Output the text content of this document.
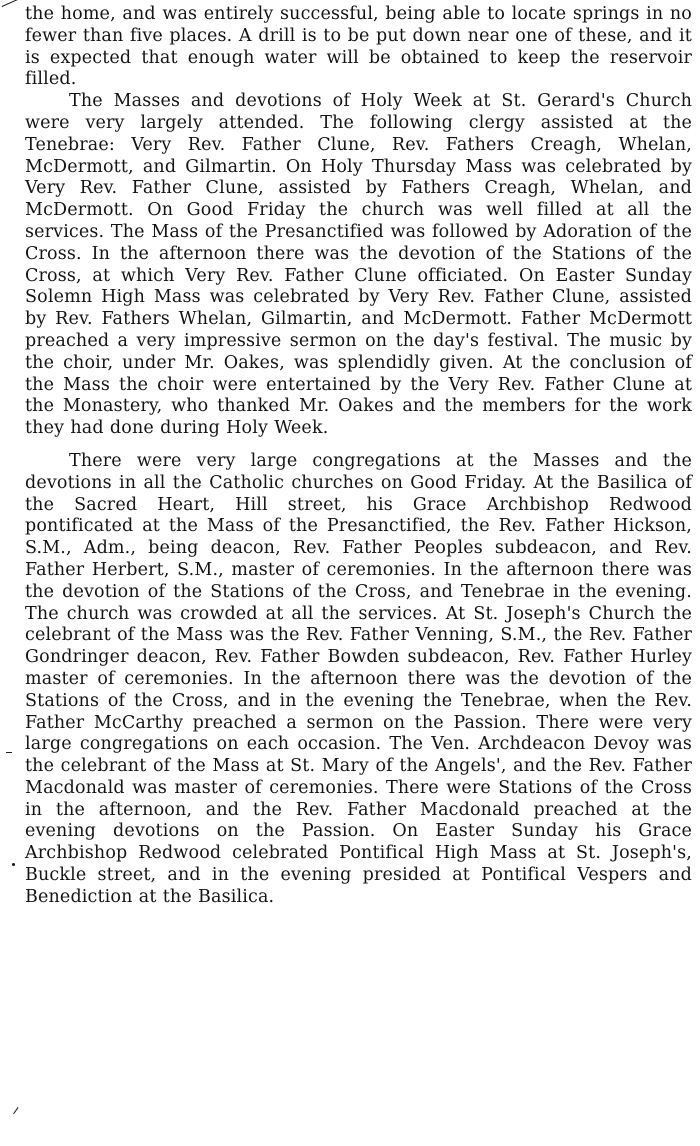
the home, and was entirely successful, being able to locate springs in no fewer than five places. A drill is to be put down near one of these, and it is expected that enough water will be obtained to keep the reservoir filled.

The Masses and devotions of Holy Week at St. Gerard's Church were very largely attended. The following clergy assisted at the Tenebrae: Very Rev. Father Clune, Rev. Fathers Creagh, Whelan, McDermott, and Gilmartin. On Holy Thursday Mass was celebrated by Very Rev. Father Clune, assisted by Fathers Creagh, Whelan, and McDermott. On Good Friday the church was well filled at all the services. The Mass of the Presanctified was followed by Adoration of the Cross. In the afternoon there was the devotion of the Stations of the Cross, at which Very Rev. Father Clune officiated. On Easter Sunday Solemn High Mass was celebrated by Very Rev. Father Clune, assisted by Rev. Fathers Whelan, Gilmartin, and McDermott. Father McDermott preached a very impressive sermon on the day's festival. The music by the choir, under Mr. Oakes, was splendidly given. At the conclusion of the Mass the choir were entertained by the Very Rev. Father Clune at the Monastery, who thanked Mr. Oakes and the members for the work they had done during Holy Week.

There were very large congregations at the Masses and the devotions in all the Catholic churches on Good Friday. At the Basilica of the Sacred Heart, Hill street, his Grace Archbishop Redwood pontificated at the Mass of the Presanctified, the Rev. Father Hickson, S.M., Adm., being deacon, Rev. Father Peoples subdeacon, and Rev. Father Herbert, S.M., master of ceremonies. In the afternoon there was the devotion of the Stations of the Cross, and Tenebrae in the evening. The church was crowded at all the services. At St. Joseph's Church the celebrant of the Mass was the Rev. Father Venning, S.M., the Rev. Father Gondringer deacon, Rev. Father Bowden subdeacon, Rev. Father Hurley master of ceremonies. In the afternoon there was the devotion of the Stations of the Cross, and in the evening the Tenebrae, when the Rev. Father McCarthy preached a sermon on the Passion. There were very large congregations on each occasion. The Ven. Archdeacon Devoy was the celebrant of the Mass at St. Mary of the Angels', and the Rev. Father Macdonald was master of ceremonies. There were Stations of the Cross in the afternoon, and the Rev. Father Macdonald preached at the evening devotions on the Passion. On Easter Sunday his Grace Archbishop Redwood celebrated Pontifical High Mass at St. Joseph's, Buckle street, and in the evening presided at Pontifical Vespers and Benediction at the Basilica.
